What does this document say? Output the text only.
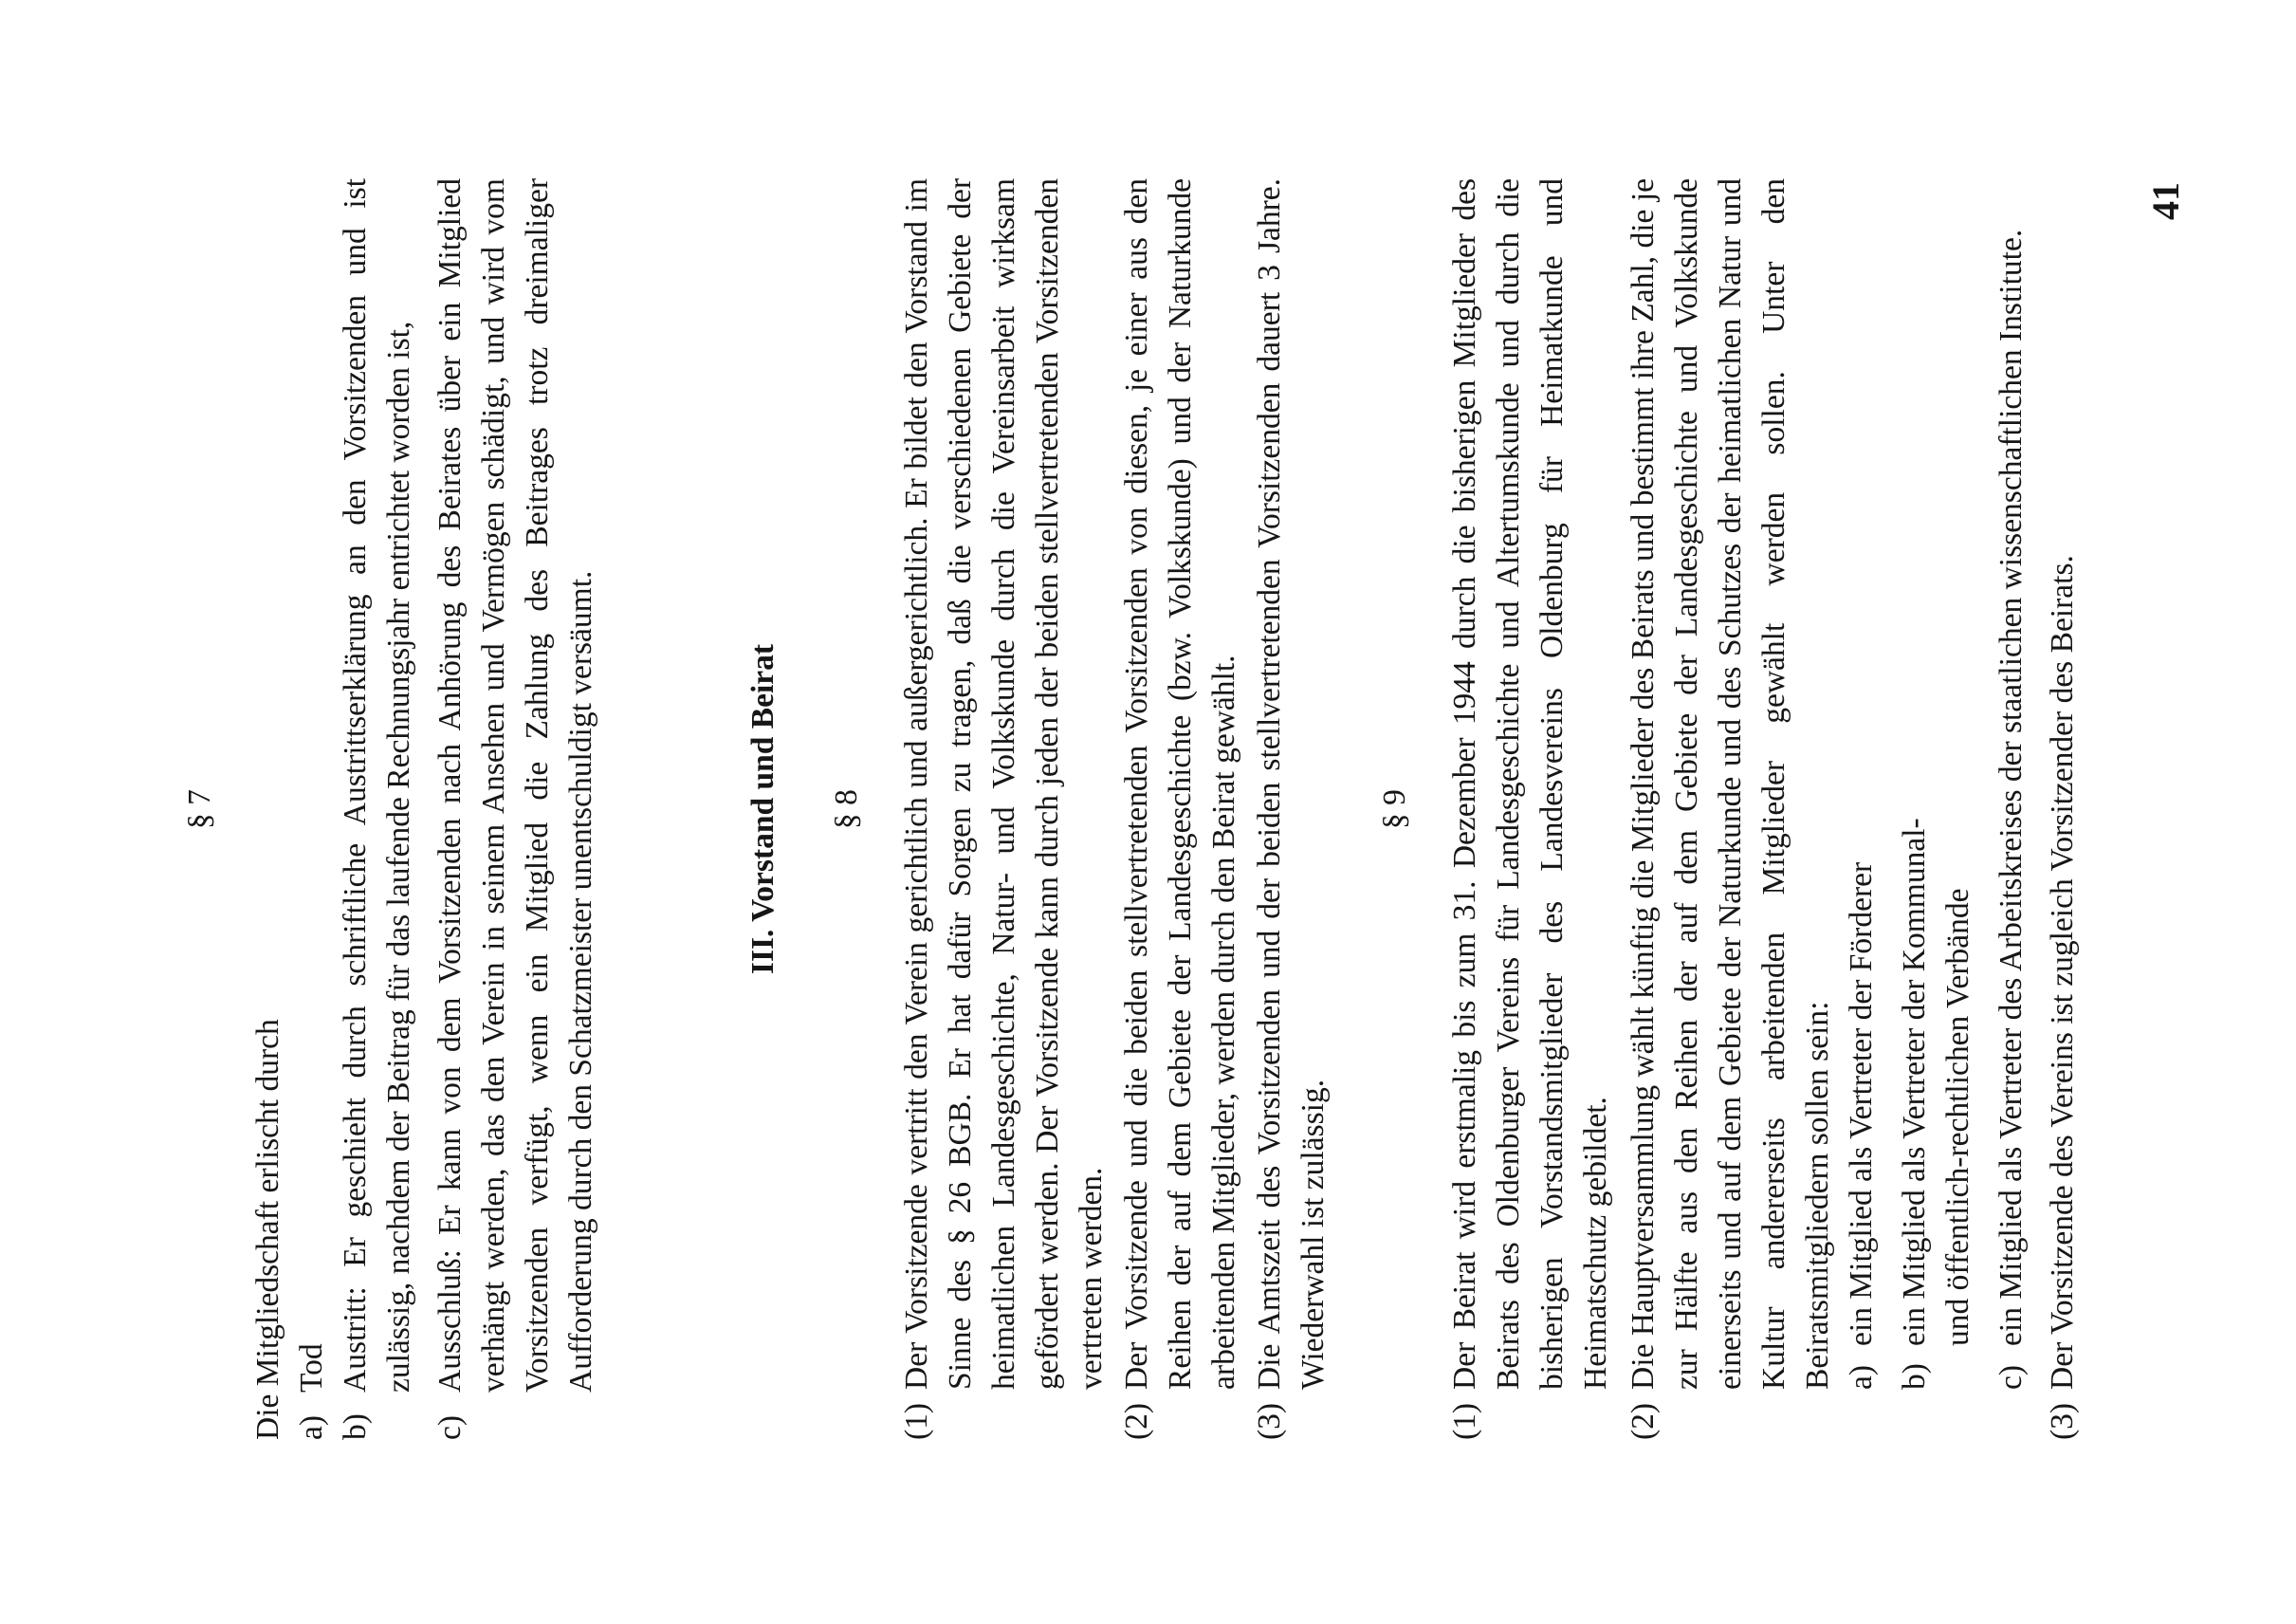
§ 7

Die Mitgliedschaft erlischt durch a)
Tod
b)
Austritt: Er geschieht durch schriftliche Austrittserklärung an den Vorsitzenden und ist zulässig, nachdem der Beitrag für das laufende Rechnungsjahr entrichtet worden ist,
c)
Ausschluß: Er kann von dem Vorsitzenden nach Anhörung des Beirates über ein Mitglied verhängt werden, das den Verein in seinem Ansehen und Vermögen schädigt, und wird vom Vorsitzenden verfügt, wenn ein Mitglied die Zahlung des Beitrages trotz dreimaliger Aufforderung durch den Schatzmeister unentschuldigt versäumt.	III. Vorstand und Beirat § 8

(1)
Der Vorsitzende vertritt den Verein gerichtlich und außergerichtlich. Er bildet den Vorstand im Sinne des § 26 BGB. Er hat dafür Sorgen zu tragen, daß die verschiedenen Gebiete der heimatlichen Landesgeschichte, Natur- und Volkskunde durch die Vereinsarbeit wirksam gefördert werden. Der Vorsitzende kann durch jeden der beiden stellvertretenden Vorsitzenden vertreten werden.
(2)
Der Vorsitzende und die beiden stellvertretenden Vorsitzenden von diesen, je einer aus den Reihen der auf dem Gebiete der Landesgeschichte (bzw. Volkskunde) und der Naturkunde arbeitenden Mitglieder, werden durch den Beirat gewählt.
(3)
Die Amtszeit des Vorsitzenden und der beiden stellvertretenden Vorsitzenden dauert 3 Jahre. Wiederwahl ist zulässig.

§ 9

(1)
Der Beirat wird erstmalig bis zum 31. Dezember 1944 durch die bisherigen Mitglieder des Beirats des Oldenburger Vereins für Landesgeschichte und Altertumskunde und durch die bisherigen Vorstandsmitglieder des Landesvereins Oldenburg für Heimatkunde und Heimatschutz gebildet.
(2)
Die Hauptversammlung wählt künftig die Mitglieder des Beirats und bestimmt ihre Zahl, die je zur Hälfte aus den Reihen der auf dem Gebiete der Landesgeschichte und Volkskunde einerseits und auf dem Gebiete der Naturkunde und des Schutzes der heimatlichen Natur und Kultur andererseits arbeitenden Mitglieder gewählt werden sollen. Unter den Beiratsmitgliedern sollen sein: a)
ein Mitglied als Vertreter der Förderer
b)
ein Mitglied als Vertreter der Kommunal- und öffentlich-rechtlichen Verbände
c)
ein Mitglied als Vertreter des Arbeitskreises der staatlichen wissenschaftlichen Institute.
(3)
Der Vorsitzende des Vereins ist zugleich Vorsitzender des Beirats.
41
